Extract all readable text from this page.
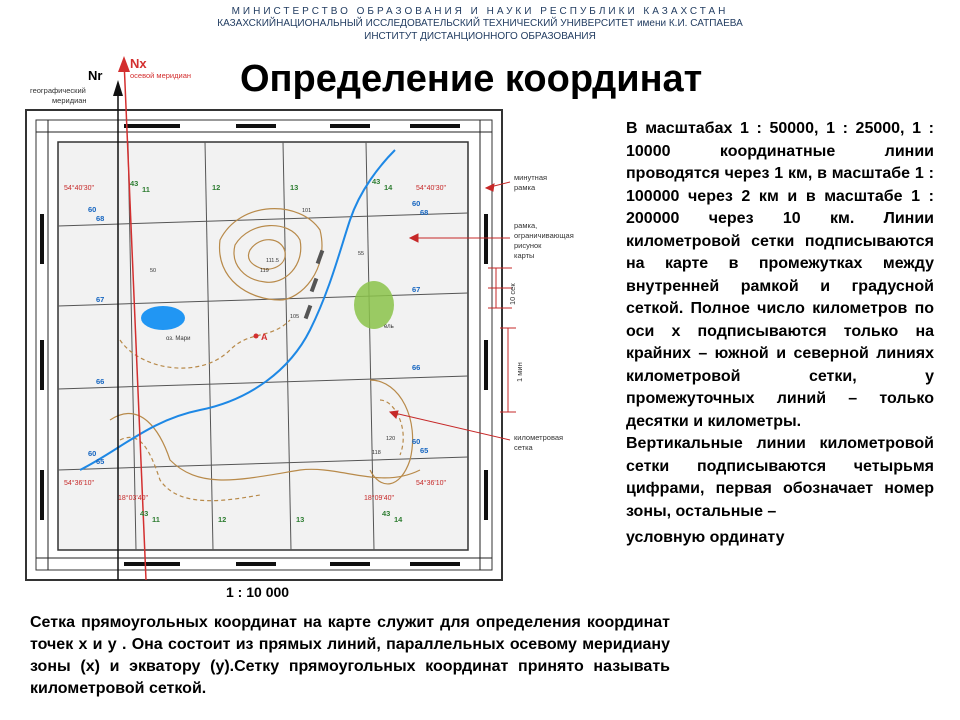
МИНИСТЕРСТВО ОБРАЗОВАНИЯ И НАУКИ РЕСПУБЛИКИ КАЗАХСТАН
КАЗАХСКИЙНАЦИОНАЛЬНЫЙ ИССЛЕДОВАТЕЛЬСКИЙ ТЕХНИЧЕСКИЙ УНИВЕРСИТЕТ имени К.И. САТПАЕВА
ИНСТИТУТ ДИСТАНЦИОННОГО ОБРАЗОВАНИЯ
Определение координат
оз. Мари
ель
Nr
географический
меридиан
Nx
осевой меридиан
A
50
55
120
105
101
111.5
118
119
54°40'30"	54°40'30"
54°36'10"	54°36'10"
18°03'40"	18°09'40"
43
11	12	13
43
14
43
11	12	13
43
14
60
68
67
66
60
65
60
68
67
66
60
65
минутная
рамка
рамка,
ограничивающая
рисунок
карты
километровая
сетка
10 сек
1 мин
1 : 10 000

В масштабах 1 : 50000, 1 : 25000, 1 : 10000 координатные линии проводятся через 1 км, в масштабе 1 : 100000 через 2 км и в масштабе 1 : 200000 через 10 км. Линии километровой сетки подписываются на карте в промежутках между внутренней рамкой и градусной сеткой. Полное число километров по оси x подписываются только на крайних – южной и северной линиях километровой сетки, у промежуточных линий – только десятки и километры.

Вертикальные линии километровой сетки подписываются четырьмя цифрами, первая обозначает номер зоны, остальные –

условную ординату

Сетка прямоугольных координат на карте служит для определения координат точек x и y . Она состоит из прямых линий, параллельных осевому меридиану зоны (x) и экватору (y).Сетку прямоугольных координат принято называть километровой сеткой.
